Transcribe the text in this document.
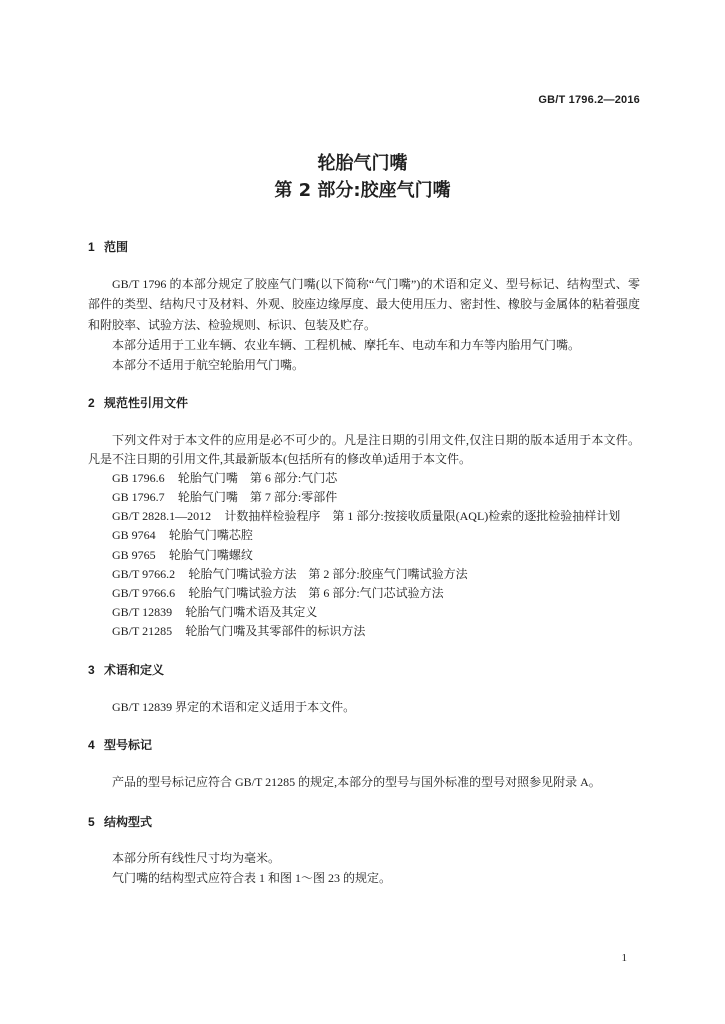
GB/T 1796.2—2016
轮胎气门嘴
第 2 部分:胶座气门嘴
1 范围

GB/T 1796 的本部分规定了胶座气门嘴(以下简称“气门嘴”)的术语和定义、型号标记、结构型式、零部件的类型、结构尺寸及材料、外观、胶座边缘厚度、最大使用压力、密封性、橡胶与金属体的粘着强度和附胶率、试验方法、检验规则、标识、包装及贮存。

本部分适用于工业车辆、农业车辆、工程机械、摩托车、电动车和力车等内胎用气门嘴。

本部分不适用于航空轮胎用气门嘴。

2 规范性引用文件

下列文件对于本文件的应用是必不可少的。凡是注日期的引用文件,仅注日期的版本适用于本文件。凡是不注日期的引用文件,其最新版本(包括所有的修改单)适用于本文件。

GB 1796.6 轮胎气门嘴　第 6 部分:气门芯

GB 1796.7 轮胎气门嘴　第 7 部分:零部件

GB/T 2828.1—2012 计数抽样检验程序　第 1 部分:按接收质量限(AQL)检索的逐批检验抽样计划

GB 9764 轮胎气门嘴芯腔

GB 9765 轮胎气门嘴螺纹

GB/T 9766.2 轮胎气门嘴试验方法　第 2 部分:胶座气门嘴试验方法

GB/T 9766.6 轮胎气门嘴试验方法　第 6 部分:气门芯试验方法

GB/T 12839 轮胎气门嘴术语及其定义

GB/T 21285 轮胎气门嘴及其零部件的标识方法

3 术语和定义

GB/T 12839 界定的术语和定义适用于本文件。

4 型号标记

产品的型号标记应符合 GB/T 21285 的规定,本部分的型号与国外标准的型号对照参见附录 A。

5 结构型式

本部分所有线性尺寸均为毫米。

气门嘴的结构型式应符合表 1 和图 1～图 23 的规定。

1
